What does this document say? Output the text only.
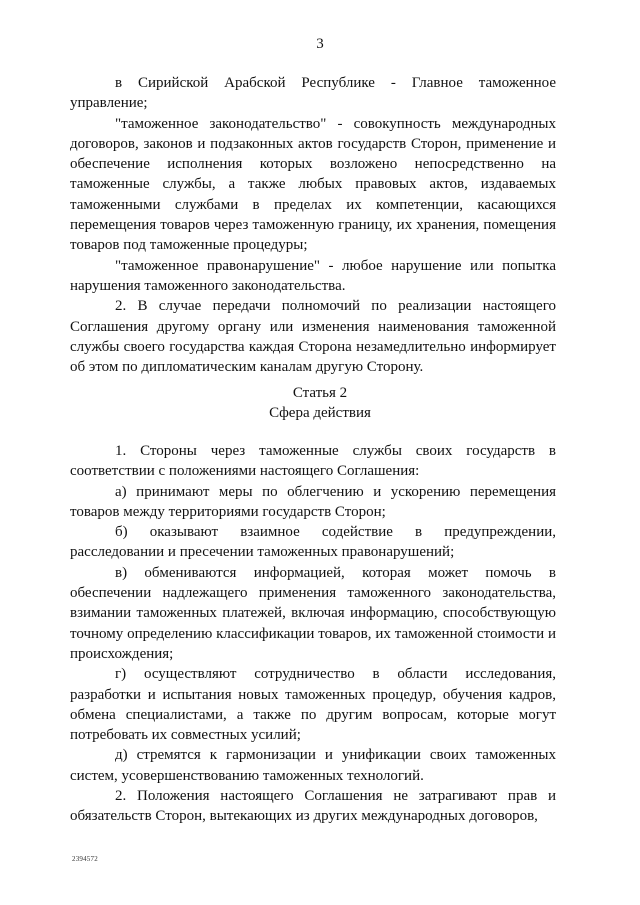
3

в Сирийской Арабской Республике - Главное таможенное управление;

"таможенное законодательство" - совокупность международных договоров, законов и подзаконных актов государств Сторон, применение и обеспечение исполнения которых возложено непосредственно на таможенные службы, а также любых правовых актов, издаваемых таможенными службами в пределах их компетенции, касающихся перемещения товаров через таможенную границу, их хранения, помещения товаров под таможенные процедуры;

"таможенное правонарушение" - любое нарушение или попытка нарушения таможенного законодательства.

2. В случае передачи полномочий по реализации настоящего Соглашения другому органу или изменения наименования таможенной службы своего государства каждая Сторона незамедлительно информирует об этом по дипломатическим каналам другую Сторону.

Статья 2
Сфера действия

1. Стороны через таможенные службы своих государств в соответствии с положениями настоящего Соглашения:

а) принимают меры по облегчению и ускорению перемещения товаров между территориями государств Сторон;

б) оказывают взаимное содействие в предупреждении, расследовании и пресечении таможенных правонарушений;

в) обмениваются информацией, которая может помочь в обеспечении надлежащего применения таможенного законодательства, взимании таможенных платежей, включая информацию, способствующую точному определению классификации товаров, их таможенной стоимости и происхождения;

г) осуществляют сотрудничество в области исследования, разработки и испытания новых таможенных процедур, обучения кадров, обмена специалистами, а также по другим вопросам, которые могут потребовать их совместных усилий;

д) стремятся к гармонизации и унификации своих таможенных систем, усовершенствованию таможенных технологий.

2. Положения настоящего Соглашения не затрагивают прав и обязательств Сторон, вытекающих из других международных договоров,

2394572
